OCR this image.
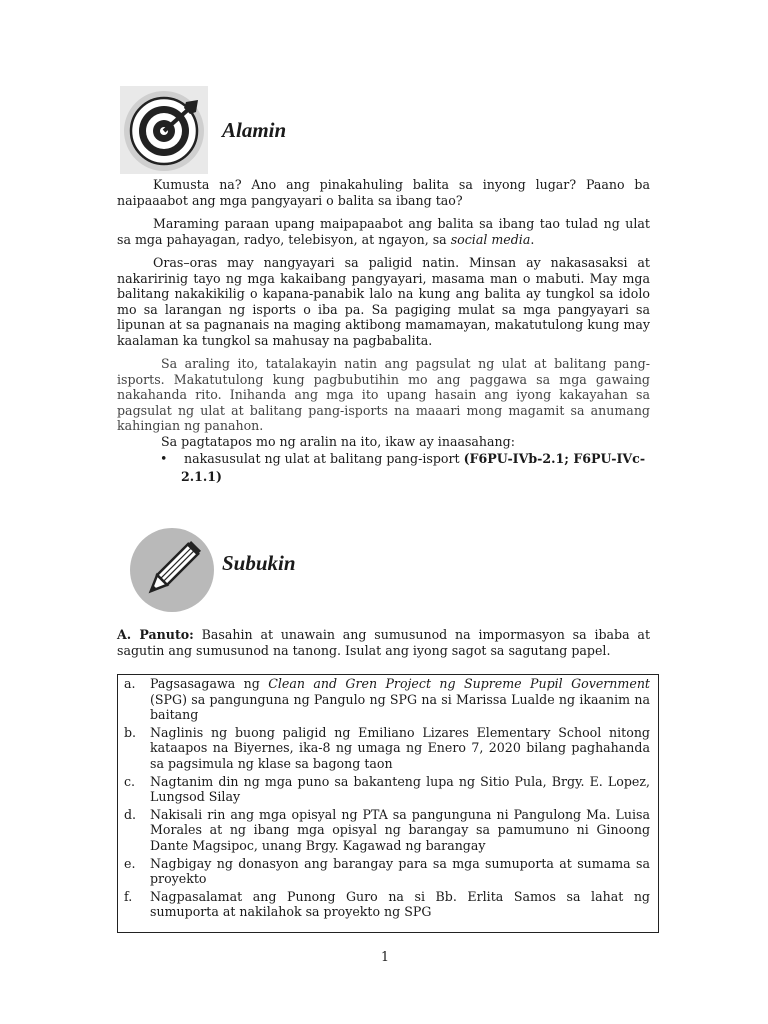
Alamin

Kumusta na? Ano ang pinakahuling balita sa inyong lugar? Paano ba naipaaabot ang mga pangyayari o balita sa ibang tao?

Maraming paraan upang maipapaabot ang balita sa ibang tao tulad ng ulat sa mga pahayagan, radyo, telebisyon, at ngayon, sa social media.

Oras–oras may nangyayari sa paligid natin. Minsan ay nakasasaksi at nakaririnig tayo ng mga kakaibang pangyayari, masama man o mabuti. May mga balitang nakakikilig o kapana-panabik lalo na kung ang balita ay tungkol sa idolo mo sa larangan ng isports o iba pa. Sa pagiging mulat sa mga pangyayari sa lipunan at sa pagnanais na maging aktibong mamamayan, makatutulong kung may kaalaman ka tungkol sa mahusay na pagbabalita.

Sa araling ito, tatalakayin natin ang pagsulat ng ulat at balitang pang-isports. Makatutulong kung pagbubutihin mo ang paggawa sa mga gawaing nakahanda rito. Inihanda ang mga ito upang hasain ang iyong kakayahan sa pagsulat ng ulat at balitang pang-isports na maaari mong magamit sa anumang kahingian ng panahon.

Sa pagtatapos mo ng aralin na ito, ikaw ay inaasahang:

• nakasusulat ng ulat at balitang pang-isport (F6PU-IVb-2.1; F6PU-IVc-
2.1.1)
Subukin

A. Panuto: Basahin at unawain ang sumusunod na impormasyon sa ibaba at sagutin ang sumusunod na tanong. Isulat ang iyong sagot sa sagutang papel.

a.	Pagsasagawa ng Clean and Gren Project ng Supreme Pupil Government (SPG) sa pangunguna ng Pangulo ng SPG na si Marissa Lualde ng ikaanim na baitang
b.	Naglinis ng buong paligid ng Emiliano Lizares Elementary School nitong kataapos na Biyernes, ika-8 ng umaga ng Enero 7, 2020 bilang paghahanda sa pagsimula ng klase sa bagong taon
c.	Nagtanim din ng mga puno sa bakanteng lupa ng Sitio Pula, Brgy. E. Lopez, Lungsod Silay
d.	Nakisali rin ang mga opisyal ng PTA sa pangunguna ni Pangulong Ma. Luisa Morales at ng ibang mga opisyal ng barangay sa pamumuno ni Ginoong Dante Magsipoc, unang Brgy. Kagawad ng barangay
e.	Nagbigay ng donasyon ang barangay para sa mga sumuporta at sumama sa proyekto
f.	Nagpasalamat ang Punong Guro na si Bb. Erlita Samos sa lahat ng sumuporta at nakilahok sa proyekto ng SPG
1
